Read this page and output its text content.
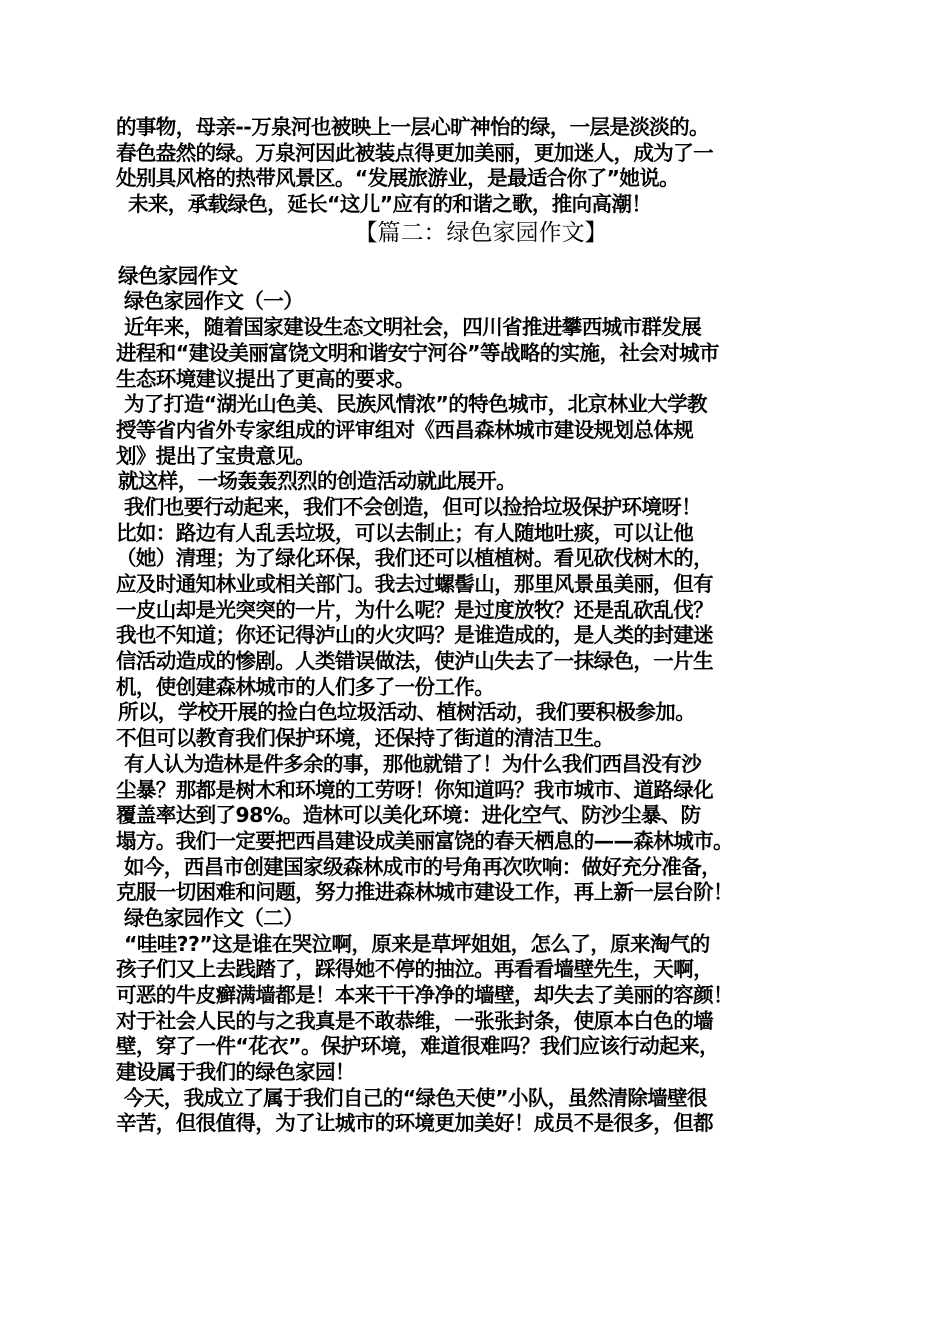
的事物，母亲--万泉河也被映上一层心旷神怡的绿，一层是淡淡的。
春色盎然的绿。万泉河因此被装点得更加美丽，更加迷人，成为了一
处别具风格的热带风景区。“发展旅游业，是最适合你了”她说。
未来，承载绿色，延长“这儿”应有的和谐之歌，推向高潮！
【篇二：绿色家园作文】
绿色家园作文
绿色家园作文（一）
近年来，随着国家建设生态文明社会，四川省推进攀西城市群发展
进程和“建设美丽富饶文明和谐安宁河谷”等战略的实施，社会对城市
生态环境建议提出了更高的要求。
为了打造“湖光山色美、民族风情浓”的特色城市，北京林业大学教
授等省内省外专家组成的评审组对《西昌森林城市建设规划总体规
划》提出了宝贵意见。
就这样，一场轰轰烈烈的创造活动就此展开。
我们也要行动起来，我们不会创造，但可以捡拾垃圾保护环境呀！
比如：路边有人乱丢垃圾，可以去制止；有人随地吐痰，可以让他
（她）清理；为了绿化环保，我们还可以植植树。看见砍伐树木的，
应及时通知林业或相关部门。我去过螺髻山，那里风景虽美丽，但有
一皮山却是光突突的一片，为什么呢？是过度放牧？还是乱砍乱伐？
我也不知道；你还记得泸山的火灾吗？是谁造成的，是人类的封建迷
信活动造成的惨剧。人类错误做法，使泸山失去了一抹绿色，一片生
机，使创建森林城市的人们多了一份工作。
所以，学校开展的捡白色垃圾活动、植树活动，我们要积极参加。
不但可以教育我们保护环境，还保持了街道的清洁卫生。
有人认为造林是件多余的事，那他就错了！为什么我们西昌没有沙
尘暴？那都是树木和环境的工劳呀！你知道吗？我市城市、道路绿化
覆盖率达到了98%。造林可以美化环境：进化空气、防沙尘暴、防
塌方。我们一定要把西昌建设成美丽富饶的春天栖息的——森林城市。
如今，西昌市创建国家级森林成市的号角再次吹响：做好充分准备，
克服一切困难和问题，努力推进森林城市建设工作，再上新一层台阶！
绿色家园作文（二）
“哇哇??”这是谁在哭泣啊，原来是草坪姐姐，怎么了，原来淘气的
孩子们又上去践踏了，踩得她不停的抽泣。再看看墙壁先生，天啊，
可恶的牛皮癣满墙都是！本来干干净净的墙壁，却失去了美丽的容颜！
对于社会人民的与之我真是不敢恭维，一张张封条，使原本白色的墙
壁，穿了一件“花衣”。保护环境，难道很难吗？我们应该行动起来，
建设属于我们的绿色家园！
今天，我成立了属于我们自己的“绿色天使”小队，虽然清除墙壁很
辛苦，但很值得，为了让城市的环境更加美好！成员不是很多，但都
